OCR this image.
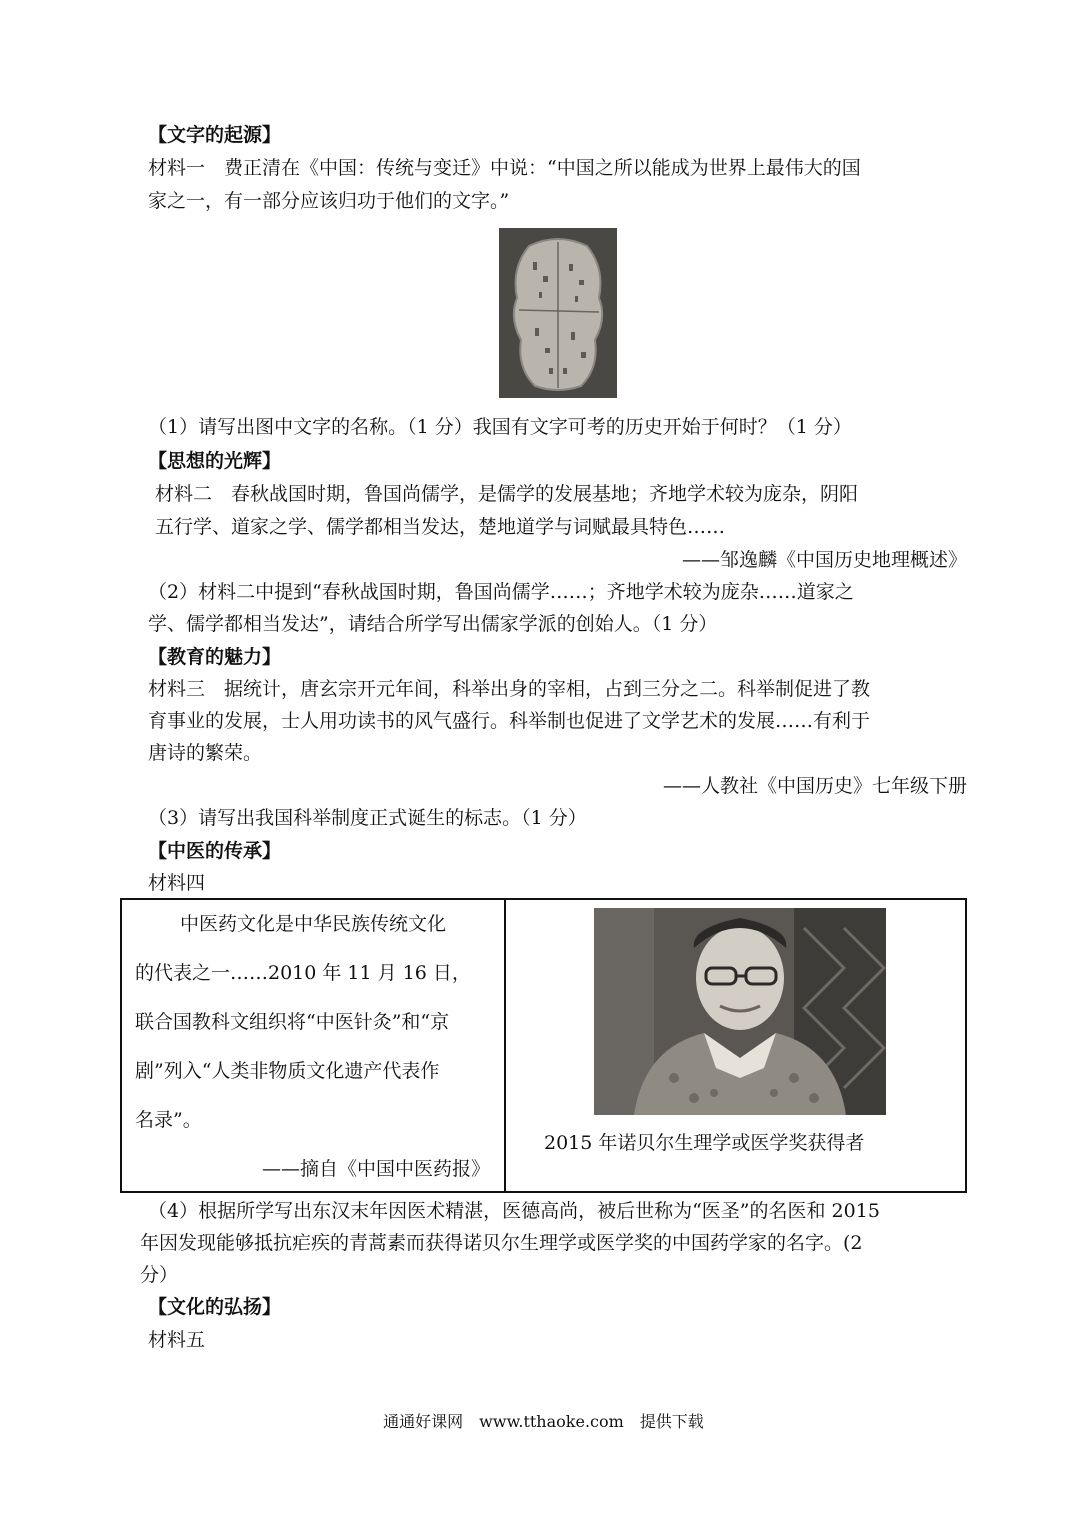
【文字的起源】
材料一　费正清在《中国：传统与变迁》中说：“中国之所以能成为世界上最伟大的国
家之一，有一部分应该归功于他们的文字。”
（1）请写出图中文字的名称。（1 分）我国有文字可考的历史开始于何时？（1 分）
【思想的光辉】
材料二　春秋战国时期，鲁国尚儒学，是儒学的发展基地；齐地学术较为庞杂，阴阳
五行学、道家之学、儒学都相当发达，楚地道学与词赋最具特色……
——邹逸麟《中国历史地理概述》
（2）材料二中提到“春秋战国时期，鲁国尚儒学……；齐地学术较为庞杂……道家之
学、儒学都相当发达”，请结合所学写出儒家学派的创始人。（1 分）
【教育的魅力】
材料三　据统计，唐玄宗开元年间，科举出身的宰相，占到三分之二。科举制促进了教
育事业的发展，士人用功读书的风气盛行。科举制也促进了文学艺术的发展……有利于
唐诗的繁荣。
——人教社《中国历史》七年级下册
（3）请写出我国科举制度正式诞生的标志。（1 分）
【中医的传承】
材料四
中医药文化是中华民族传统文化
的代表之一……2010 年 11 月 16 日，
联合国教科文组织将“中医针灸”和“京
剧”列入“人类非物质文化遗产代表作
名录”。
——摘自《中国中医药报》

2015 年诺贝尔生理学或医学奖获得者
（4）根据所学写出东汉末年因医术精湛，医德高尚，被后世称为“医圣”的名医和 2015
年因发现能够抵抗疟疾的青蒿素而获得诺贝尔生理学或医学奖的中国药学家的名字。(2
分）
【文化的弘扬】
材料五
通通好课网　www.tthaoke.com　提供下载
